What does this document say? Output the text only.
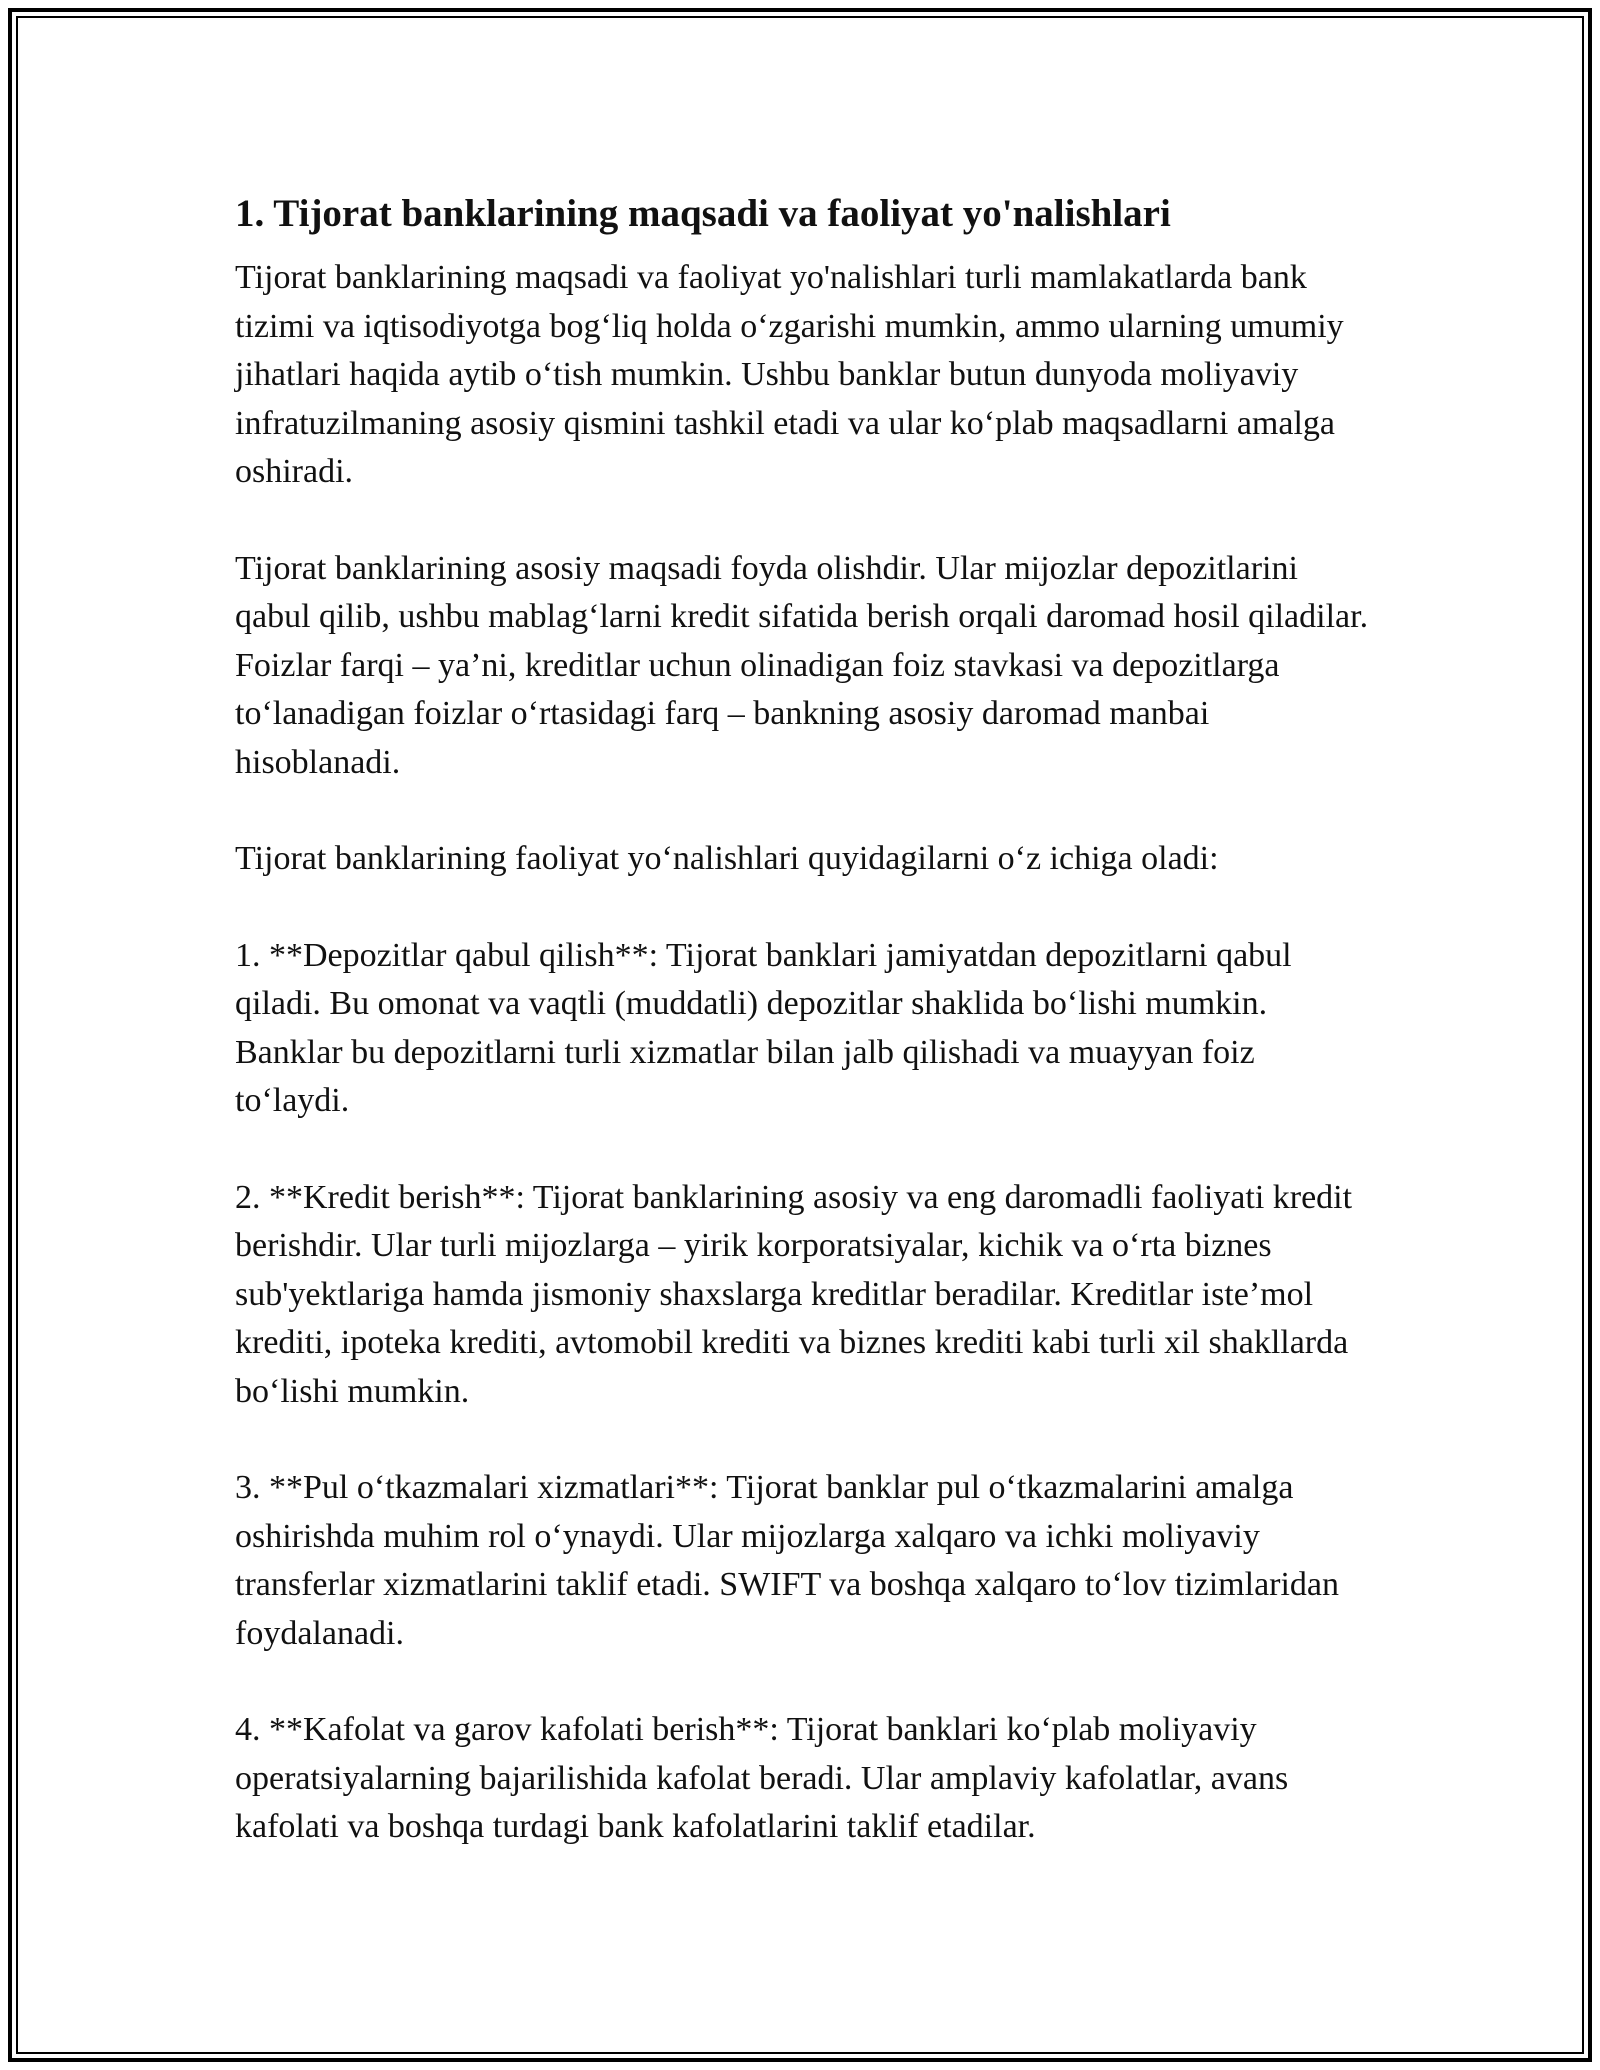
1. Tijorat banklarining maqsadi va faoliyat yo'nalishlari

Tijorat banklarining maqsadi va faoliyat yo'nalishlari turli mamlakatlarda bank tizimi va iqtisodiyotga bog‘liq holda o‘zgarishi mumkin, ammo ularning umumiy jihatlari haqida aytib o‘tish mumkin. Ushbu banklar butun dunyoda moliyaviy infratuzilmaning asosiy qismini tashkil etadi va ular ko‘plab maqsadlarni amalga oshiradi.

Tijorat banklarining asosiy maqsadi foyda olishdir. Ular mijozlar depozitlarini qabul qilib, ushbu mablag‘larni kredit sifatida berish orqali daromad hosil qiladilar. Foizlar farqi – ya’ni, kreditlar uchun olinadigan foiz stavkasi va depozitlarga to‘lanadigan foizlar o‘rtasidagi farq – bankning asosiy daromad manbai hisoblanadi.

Tijorat banklarining faoliyat yo‘nalishlari quyidagilarni o‘z ichiga oladi:

1. **Depozitlar qabul qilish**: Tijorat banklari jamiyatdan depozitlarni qabul qiladi. Bu omonat va vaqtli (muddatli) depozitlar shaklida bo‘lishi mumkin. Banklar bu depozitlarni turli xizmatlar bilan jalb qilishadi va muayyan foiz to‘laydi.

2. **Kredit berish**: Tijorat banklarining asosiy va eng daromadli faoliyati kredit berishdir. Ular turli mijozlarga – yirik korporatsiyalar, kichik va o‘rta biznes sub'yektlariga hamda jismoniy shaxslarga kreditlar beradilar. Kreditlar iste’mol krediti, ipoteka krediti, avtomobil krediti va biznes krediti kabi turli xil shakllarda bo‘lishi mumkin.

3. **Pul o‘tkazmalari xizmatlari**: Tijorat banklar pul o‘tkazmalarini amalga oshirishda muhim rol o‘ynaydi. Ular mijozlarga xalqaro va ichki moliyaviy transferlar xizmatlarini taklif etadi. SWIFT va boshqa xalqaro to‘lov tizimlaridan foydalanadi.

4. **Kafolat va garov kafolati berish**: Tijorat banklari ko‘plab moliyaviy operatsiyalarning bajarilishida kafolat beradi. Ular amplaviy kafolatlar, avans kafolati va boshqa turdagi bank kafolatlarini taklif etadilar.
